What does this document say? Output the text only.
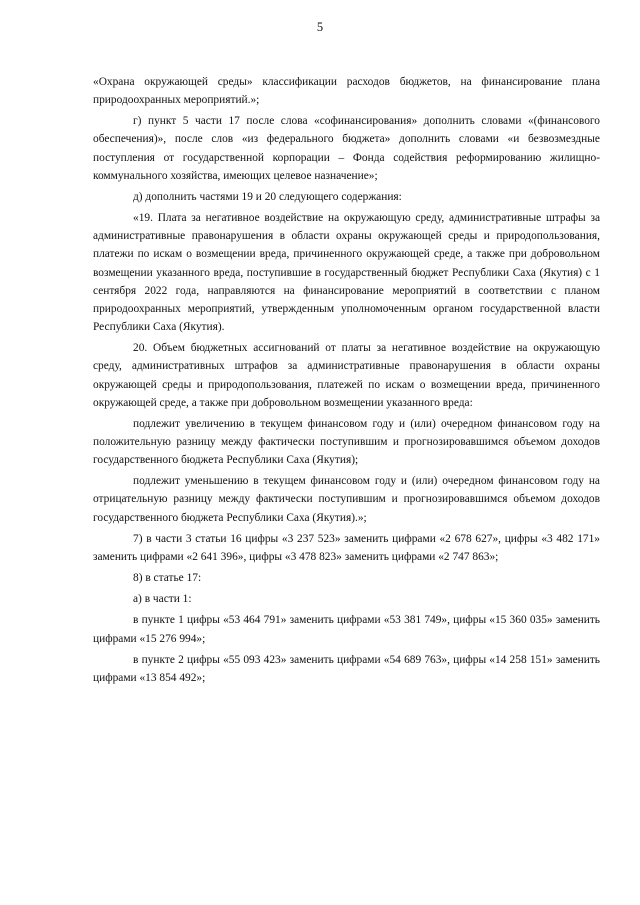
5

«Охрана окружающей среды» классификации расходов бюджетов, на финансирование плана природоохранных мероприятий.»;

г) пункт 5 части 17 после слова «софинансирования» дополнить словами «(финансового обеспечения)», после слов «из федерального бюджета» дополнить словами «и безвозмездные поступления от государственной корпорации – Фонда содействия реформированию жилищно-коммунального хозяйства, имеющих целевое назначение»;

д) дополнить частями 19 и 20 следующего содержания:

«19. Плата за негативное воздействие на окружающую среду, административные штрафы за административные правонарушения в области охраны окружающей среды и природопользования, платежи по искам о возмещении вреда, причиненного окружающей среде, а также при добровольном возмещении указанного вреда, поступившие в государственный бюджет Республики Саха (Якутия) с 1 сентября 2022 года, направляются на финансирование мероприятий в соответствии с планом природоохранных мероприятий, утвержденным уполномоченным органом государственной власти Республики Саха (Якутия).

20. Объем бюджетных ассигнований от платы за негативное воздействие на окружающую среду, административных штрафов за административные правонарушения в области охраны окружающей среды и природопользования, платежей по искам о возмещении вреда, причиненного окружающей среде, а также при добровольном возмещении указанного вреда:

подлежит увеличению в текущем финансовом году и (или) очередном финансовом году на положительную разницу между фактически поступившим и прогнозировавшимся объемом доходов государственного бюджета Республики Саха (Якутия);

подлежит уменьшению в текущем финансовом году и (или) очередном финансовом году на отрицательную разницу между фактически поступившим и прогнозировавшимся объемом доходов государственного бюджета Республики Саха (Якутия).»;

7) в части 3 статьи 16 цифры «3 237 523» заменить цифрами «2 678 627», цифры «3 482 171» заменить цифрами «2 641 396», цифры «3 478 823» заменить цифрами «2 747 863»;

8) в статье 17:

а) в части 1:

в пункте 1 цифры «53 464 791» заменить цифрами «53 381 749», цифры «15 360 035» заменить цифрами «15 276 994»;

в пункте 2 цифры «55 093 423» заменить цифрами «54 689 763», цифры «14 258 151» заменить цифрами «13 854 492»;
